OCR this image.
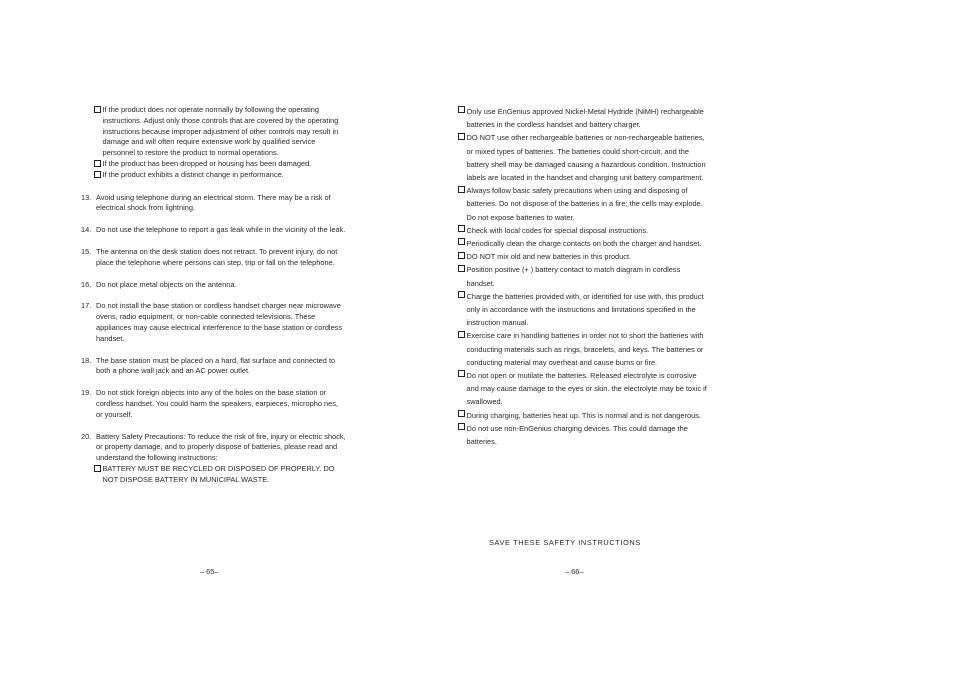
If the product does not operate normally by following the operating instructions. Adjust only those controls that are covered by the operating instructions because improper adjustment of other controls may result in damage and will often require extensive work by qualified service personnel to restore the product to normal operations.
If the product has been dropped or housing has been damaged.
If the product exhibits a distinct change in performance.
13. Avoid using telephone during an electrical storm. There may be a risk of electrical shock from lightning.
14. Do not use the telephone to report a gas leak while in the vicinity of the leak.
15. The antenna on the desk station does not retract. To prevent injury, do not place the telephone where persons can step, trip or fall on the telephone.
16. Do not place metal objects on the antenna.
17. Do not install the base station or cordless handset charger near microwave ovens, radio equipment, or non-cable connected televisions. These appliances may cause electrical interference to the base station or cordless handset.
18. The base station must be placed on a hard, flat surface and connected to both a phone wall jack and an AC power outlet.
19. Do not stick foreign objects into any of the holes on the base station or cordless handset. You could harm the speakers, earpieces, micropho nes, or yourself.
20. Battery Safety Precautions: To reduce the risk of fire, injury or electric shock, or property damage, and to properly dispose of batteries, please read and understand the following instructions:
BATTERY MUST BE RECYCLED OR DISPOSED OF PROPERLY. DO NOT DISPOSE BATTERY IN MUNICIPAL WASTE.
– 65–
Only use EnGenius approved Nickel-Metal Hydride (NiMH) rechargeable batteries in the cordless handset and battery charger.
DO NOT use other rechargeable batteries or non-rechargeable batteries, or mixed types of batteries. The batteries could short-circuit, and the battery shell may be damaged causing a hazardous condition. Instruction labels are located in the handset and charging unit battery compartment.
Always follow basic safety precautions when using and disposing of batteries. Do not dispose of the batteries in a fire; the cells may explode. Do not expose batteries to water.
Check with local codes for special disposal instructions.
Periodically clean the charge contacts on both the charger and handset.
DO NOT mix old and new batteries in this product.
Position positive (+ ) battery contact to match diagram in cordless handset.
Charge the batteries provided with, or identified for use with, this product only in accordance with the instructions and limitations specified in the instruction manual.
Exercise care in handling batteries in order not to short the batteries with conducting materials such as rings, bracelets, and keys. The batteries or conducting material may overheat and cause burns or fire.
Do not open or mutilate the batteries. Released electrolyte is corrosive and may cause damage to the eyes or skin. the electrolyte may be toxic if swallowed.
During charging, batteries heat up. This is normal and is not dangerous.
Do not use non-EnGenius charging devices. This could damage the batteries.
SAVE THESE SAFETY INSTRUCTIONS
– 66–
